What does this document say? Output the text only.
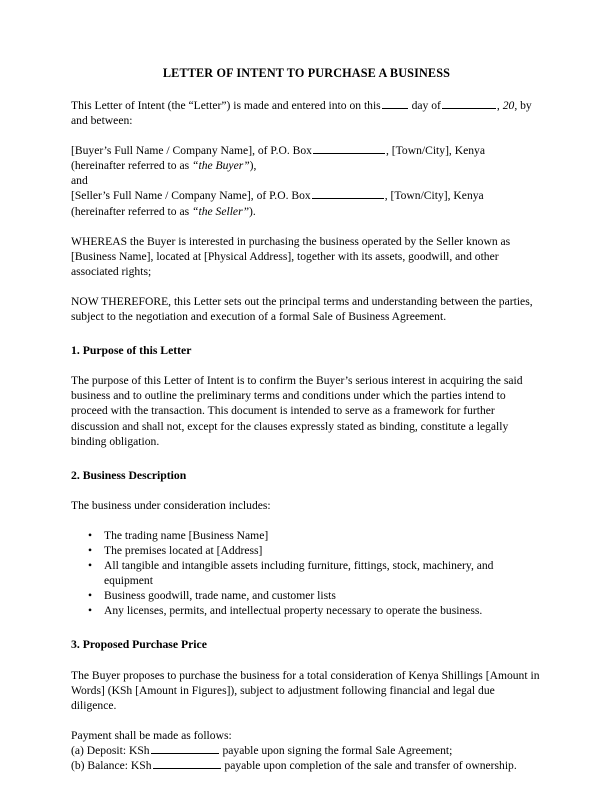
LETTER OF INTENT TO PURCHASE A BUSINESS

This Letter of Intent (the “Letter”) is made and entered into on this	day of	, 20, by
and between:

[Buyer’s Full Name / Company Name], of P.O. Box	, [Town/City], Kenya
(hereinafter referred to as “the Buyer”),
and
[Seller’s Full Name / Company Name], of P.O. Box	, [Town/City], Kenya
(hereinafter referred to as “the Seller”).

WHEREAS the Buyer is interested in purchasing the business operated by the Seller known as [Business Name], located at [Physical Address], together with its assets, goodwill, and other associated rights;

NOW THEREFORE, this Letter sets out the principal terms and understanding between the parties, subject to the negotiation and execution of a formal Sale of Business Agreement.

1. Purpose of this Letter

The purpose of this Letter of Intent is to confirm the Buyer’s serious interest in acquiring the said business and to outline the preliminary terms and conditions under which the parties intend to proceed with the transaction. This document is intended to serve as a framework for further discussion and shall not, except for the clauses expressly stated as binding, constitute a legally binding obligation.

2. Business Description

The business under consideration includes:

• The trading name [Business Name]
• The premises located at [Address]
• All tangible and intangible assets including furniture, fittings, stock, machinery, and equipment
• Business goodwill, trade name, and customer lists
• Any licenses, permits, and intellectual property necessary to operate the business.
3. Proposed Purchase Price

The Buyer proposes to purchase the business for a total consideration of Kenya Shillings [Amount in Words] (KSh [Amount in Figures]), subject to adjustment following financial and legal due diligence.

Payment shall be made as follows:
(a) Deposit: KSh	payable upon signing the formal Sale Agreement;
(b) Balance: KSh	payable upon completion of the sale and transfer of ownership.
